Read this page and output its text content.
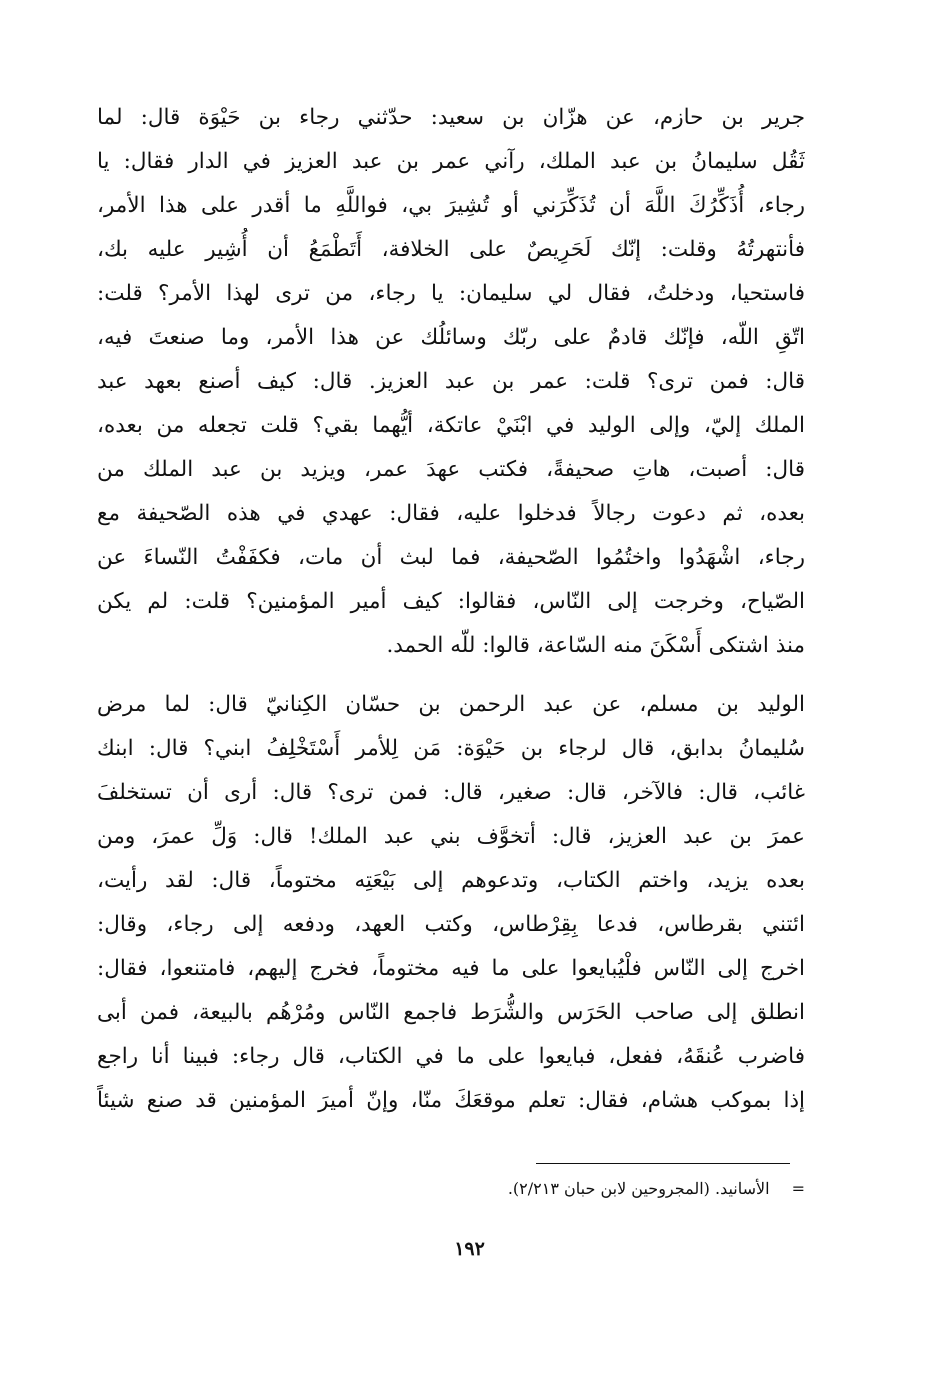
جرير بن حازم، عن هزّان بن سعيد: حدّثني رجاء بن حَيْوَة قال: لما
ثَقُل سليمانُ بن عبد الملك، رآني عمر بن عبد العزيز في الدار فقال: يا
رجاء، أُذَكِّرُكَ اللَّهَ أن تُذَكِّرَني أو تُشِيرَ بي، فواللَّهِ ما أقدر على هذا الأمر،
فأنتهرتُهُ وقلت: إنّك لَحَرِيصٌ على الخلافة، أَتَطْمَعُ أن أُشِير عليه بك،
فاستحيا، ودخلتُ، فقال لي سليمان: يا رجاء، من ترى لهذا الأمر؟ قلت:
اتّقِ اللّه، فإنّك قادمٌ على ربّك وسائلُك عن هذا الأمر، وما صنعتَ فيه،
قال: فمن ترى؟ قلت: عمر بن عبد العزيز. قال: كيف أصنع بعهد عبد
الملك إليّ، وإلى الوليد في ابْنَيْ عاتكة، أيُّهما بقي؟ قلت تجعله من بعده،
قال: أصبت، هاتِ صحيفةً، فكتب عهدَ عمر، ويزيد بن عبد الملك من
بعده، ثم دعوت رجالاً فدخلوا عليه، فقال: عهدي في هذه الصّحيفة مع
رجاء، اشْهَدُوا واختُمُوا الصّحيفة، فما لبث أن مات، فكفَفْتُ النّساءَ عن
الصّياح، وخرجت إلى النّاس، فقالوا: كيف أمير المؤمنين؟ قلت: لم يكن
منذ اشتكى أَسْكَنَ منه السّاعة، قالوا: للّه الحمد.
الوليد بن مسلم، عن عبد الرحمن بن حسّان الكِنانيّ قال: لما مرض
سُليمانُ بدابق، قال لرجاء بن حَيْوَة: مَن لِلأمر أَسْتَخْلِفُ ابني؟ قال: ابنك
غائب، قال: فالآخر، قال: صغير، قال: فمن ترى؟ قال: أرى أن تستخلفَ
عمرَ بن عبد العزيز، قال: أتخوَّف بني عبد الملك! قال: وَلِّ عمرَ، ومن
بعده يزيد، واختم الكتاب، وتدعوهم إلى بَيْعَتِه مختوماً، قال: لقد رأيت،
ائتني بقرطاس، فدعا بِقِرْطاس، وكتب العهد، ودفعه إلى رجاء، وقال:
اخرج إلى النّاس فلْيُبايعوا على ما فيه مختوماً، فخرج إليهم، فامتنعوا، فقال:
انطلق إلى صاحب الحَرَس والشُّرَط فاجمع النّاس ومُرْهُم بالبيعة، فمن أبى
فاضرب عُنقَهُ، ففعل، فبايعوا على ما في الكتاب، قال رجاء: فبينا أنا راجع
إذا بموكب هشام، فقال: تعلم موقعَكَ منّا، وإنّ أميرَ المؤمنين قد صنع شيئاً
=الأسانيد. (المجروحين لابن حبان ٢/٢١٣).
١٩٢
